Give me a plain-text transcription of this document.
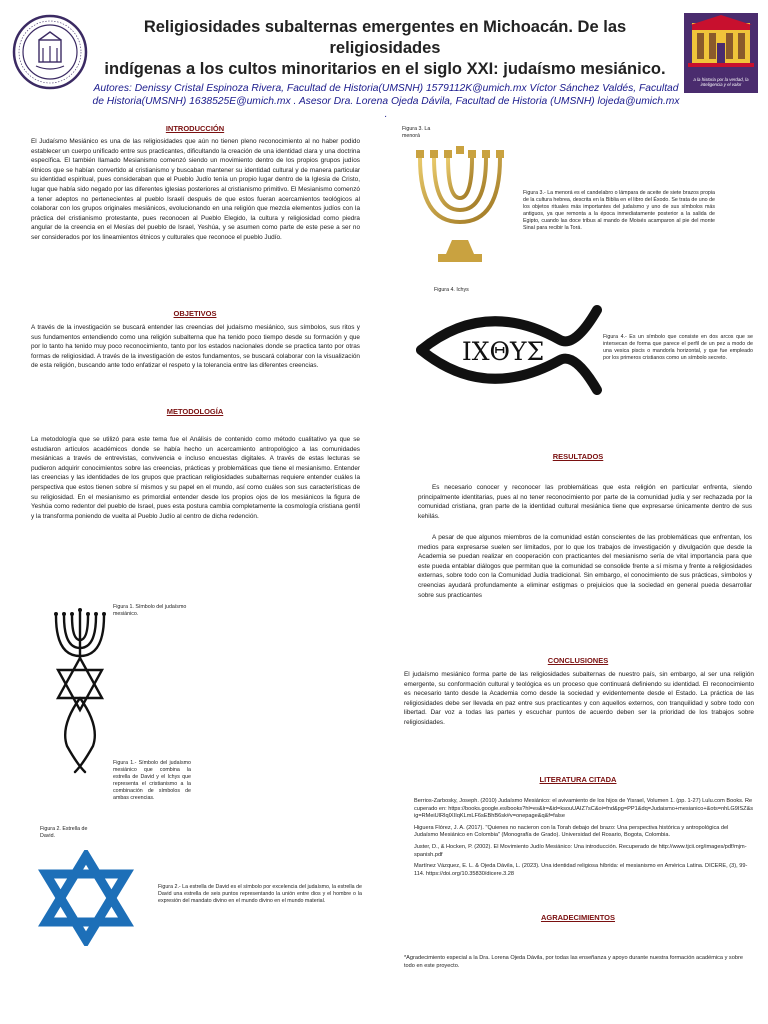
Religiosidades subalternas emergentes en Michoacán. De las religiosidades
indígenas a los cultos minoritarios en el siglo XXI: judaísmo mesiánico.
a la historia por la verdad, la inteligencia y el valor
Autores: Denissy Cristal Espinoza Rivera, Facultad de Historia(UMSNH) 1579112K@umich.mx Víctor Sánchez Valdés, Facultad de Historia(UMSNH) 1638525E@umich.mx . Asesor Dra. Lorena Ojeda Dávila, Facultad de Historia (UMSNH) lojeda@umich.mx .
INTRODUCCIÓN
El Judaísmo Mesiánico es una de las religiosidades que aún no tienen pleno reconocimiento al no haber podido establecer un cuerpo unificado entre sus practicantes, dificultando la creación de una identidad clara y una doctrina específica. El también llamado Mesianismo comenzó siendo un movimiento dentro de los propios grupos judíos étnicos que se habían convertido al cristianismo y buscaban mantener su identidad cultural y de manera particular su identidad espiritual, pues consideraban que el Pueblo Judío tenía un propio lugar dentro de la Iglesia de Cristo, lugar que había sido negado por las diferentes iglesias posteriores al cristianismo primitivo. El Mesianismo comenzó a tener adeptos no pertenecientes al pueblo Israelí después de que estos fueran acercamientos teológicos al colaborar con los grupos originales mesiánicos, evolucionando en una religión que mezcla elementos judíos con la práctica del cristianismo protestante, pues reconocen al Pueblo Elegido, la cultura y religiosidad como piedra angular de la creencia en el Mesías del pueblo de Israel, Yeshúa, y se asumen como parte de este pese a ser no ser considerados por los lineamientos étnicos y culturales que reconoce el pueblo Judío.
OBJETIVOS
A través de la investigación se buscará entender las creencias del judaísmo mesiánico, sus símbolos, sus ritos y sus fundamentos entendiendo como una religión subalterna que ha tenido poco tiempo desde su formación y que por lo tanto ha tenido muy poco reconocimiento, tanto por los estados nacionales donde se practica tanto por otras formas de religiosidad. A través de la investigación de estos fundamentos, se buscará colaborar con la visualización de esta religión, buscando ante todo enfatizar el respeto y la tolerancia entre las diferentes creencias.
METODOLOGÍA
La metodología que se utilizó para este tema fue el Análisis de contenido como método cualitativo ya que se estudiaron artículos académicos donde se había hecho un acercamiento antropológico a las comunidades mesiánicas a través de entrevistas, convivencia e incluso encuestas digitales. A través de estas lecturas se pudieron adquirir conocimientos sobre las creencias, prácticas y problemáticas que tiene el mesianismo. Entender las creencias y las identidades de los grupos que practican religiosidades subalternas requiere entender cuáles la perspectiva que estos tienen sobre sí mismos y su papel en el mundo, así como cuáles son sus características de su religiosidad. En el mesianismo es primordial entender desde los propios ojos de los mesiánicos la figura de Yeshúa como redentor del pueblo de Israel, pues esta postura cambia completamente la cosmología cristiana gentil y la transforma poniendo de vuelta al Pueblo Judío al centro de dicha redención.
Figura 1. Símbolo del judaísmo mesiánico.
Figura 1.- Símbolo del judaísmo mesiánico que combina la estrella de David y el Ichys que representa el cristianismo a la combinación de símbolos de ambas creencias.
Figura 2. Estrella de David.
Figura 2.- La estrella de David es el símbolo por excelencia del judaísmo, la estrella de David una estrella de seis puntos representando la unión entre dios y el hombre o la expresión del mandato divino en el mundo divino en el mundo material.
Figura 3. La menorá
Figura 3.- La menorá es el candelabro o lámpara de aceite de siete brazos propia de la cultura hebrea, descrita en la Biblia en el libro del Éxodo. Se trata de uno de los objetos rituales más importantes del judaísmo y uno de sus símbolos más antiguos, ya que remonta a la época inmediatamente posterior a la salida de Egipto, cuando las doce tribus al mando de Moisés acamparon al pie del monte Sinaí para recibir la Torá.
Figura 4. Ichys
ΙΧΘΥΣ	Figura 4.- Es un símbolo que consiste en dos arcos que se intersecan de forma que parece el perfil de un pez a modo de una vesica piscis o mandorla horizontal, y que fue empleado por los primeros cristianos como un símbolo secreto.
RESULTADOS
Es necesario conocer y reconocer las problemáticas que esta religión en particular enfrenta, siendo principalmente identitarias, pues al no tener reconocimiento por parte de la comunidad judía y ser rechazada por la comunidad cristiana, gran parte de la identidad cultural mesiánica tiene que expresarse únicamente dentro de sus kehilás.
A pesar de que algunos miembros de la comunidad están conscientes de las problemáticas que enfrentan, los medios para expresarse suelen ser limitados, por lo que los trabajos de investigación y divulgación que desde la Academia se puedan realizar en cooperación con practicantes del mesianismo sería de vital importancia para que este pueda entablar diálogos que permitan que la comunidad se consolide frente a sí misma y frente a religiosidades externas, sobre todo con la Comunidad Judía tradicional. Sin embargo, el conocimiento de sus prácticas, símbolos y creencias ayudará profundamente a eliminar estigmas o prejuicios que la sociedad en general pueda desarrollar sobre sus practicantes
CONCLUSIONES
El judaísmo mesiánico forma parte de las religiosidades subalternas de nuestro país, sin embargo, al ser una religión emergente, su conformación cultural y teológica es un proceso que continuará definiendo su identidad. El reconocimiento es necesario tanto desde la Academia como desde la sociedad y evidentemente desde el Estado. La práctica de las religiosidades debe ser llevada en paz entre sus practicantes y con aquellos externos, con tranquilidad y sobre todo con libertad. Dar voz a todas las partes y escuchar puntos de acuerdo deben ser la prioridad de los trabajos sobre religiosidades.
LITERATURA CITADA
Berrios-Zarbosky, Joseph. (2010) Judaísmo Mesiánico: el avivamiento de los hijos de Yisrael, Volumen 1. (pp. 1-27) Lulu.com Books. Recuperado en: https://books.google.es/books?hl=es&lr=&id=ksouUAIZ7sC&oi=fnd&pg=PP1&dq=Judaismo+mesianico+&ots=nhLG9ISZ&sig=RMeiUlRIqlXIIqKLmLF6sEBhB6sk#v=onepage&q&f=false
Higuera Flórez, J. A. (2017). "Quienes no nacieron con la Torah debajo del brazo: Una perspectiva histórica y antropológica del Judaísmo Mesiánico en Colombia" (Monografía de Grado). Universidad del Rosario, Bogota, Colombia.
Juster, D., & Hocken, P. (2002). El Movimiento Judío Mesiánico: Una introducción. Recuperado de http://www.tjcii.org/images/pdf/mjm-spanish.pdf
Martínez Vázquez, E. L. & Ojeda Dávila, L. (2023). Una identidad religiosa híbrida: el mesianismo en América Latina. DICERE, (3), 99-114. https://doi.org/10.35830/dicere.3.28
AGRADECIMIENTOS
*Agradecimiento especial a la Dra. Lorena Ojeda Dávila, por todas las enseñanza y apoyo durante nuestra formación académica y sobre todo en este proyecto.
